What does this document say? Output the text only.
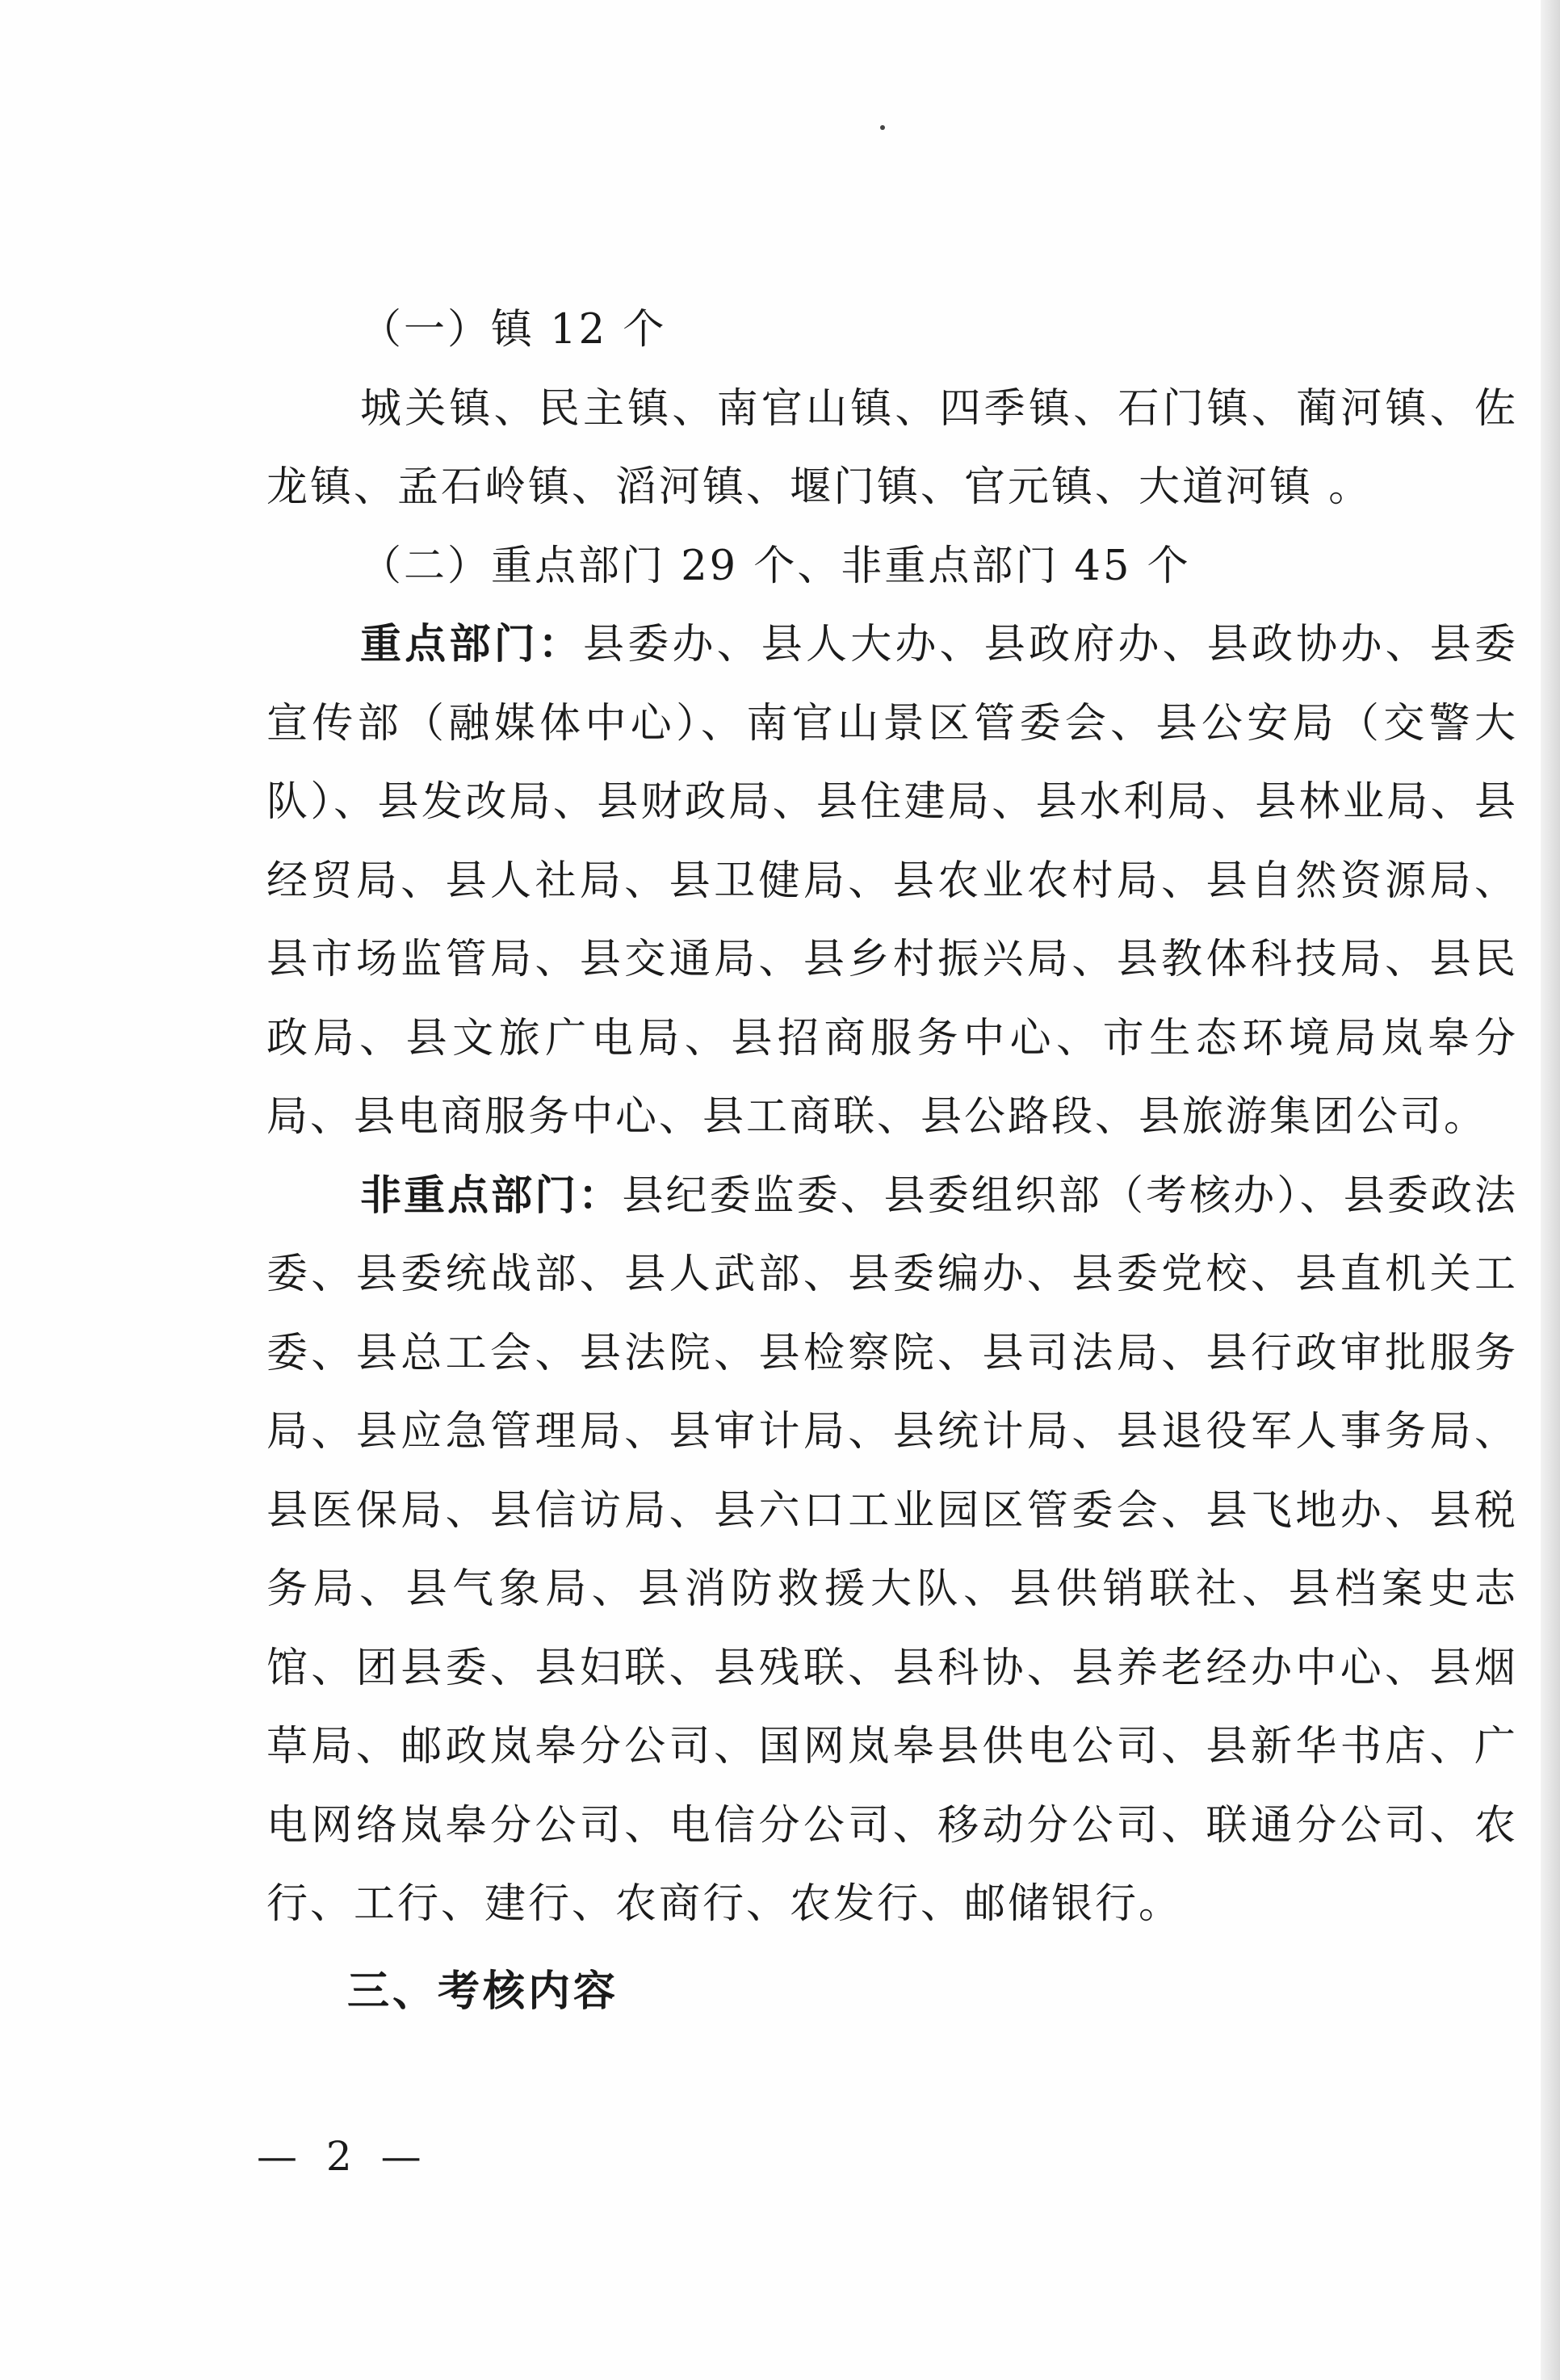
（一）镇 12 个

城关镇、民主镇、南官山镇、四季镇、石门镇、蔺河镇、佐龙镇、孟石岭镇、滔河镇、堰门镇、官元镇、大道河镇 。

（二）重点部门 29 个、非重点部门 45 个

重点部门：县委办、县人大办、县政府办、县政协办、县委宣传部（融媒体中心）、南官山景区管委会、县公安局（交警大队）、县发改局、县财政局、县住建局、县水利局、县林业局、县经贸局、县人社局、县卫健局、县农业农村局、县自然资源局、县市场监管局、县交通局、县乡村振兴局、县教体科技局、县民政局、县文旅广电局、县招商服务中心、市生态环境局岚皋分局、县电商服务中心、县工商联、县公路段、县旅游集团公司。

非重点部门：县纪委监委、县委组织部（考核办）、县委政法委、县委统战部、县人武部、县委编办、县委党校、县直机关工委、县总工会、县法院、县检察院、县司法局、县行政审批服务局、县应急管理局、县审计局、县统计局、县退役军人事务局、县医保局、县信访局、县六口工业园区管委会、县飞地办、县税务局、县气象局、县消防救援大队、县供销联社、县档案史志馆、团县委、县妇联、县残联、县科协、县养老经办中心、县烟草局、邮政岚皋分公司、国网岚皋县供电公司、县新华书店、广电网络岚皋分公司、电信分公司、移动分公司、联通分公司、农行、工行、建行、农商行、农发行、邮储银行。

三、考核内容
— 2 —
